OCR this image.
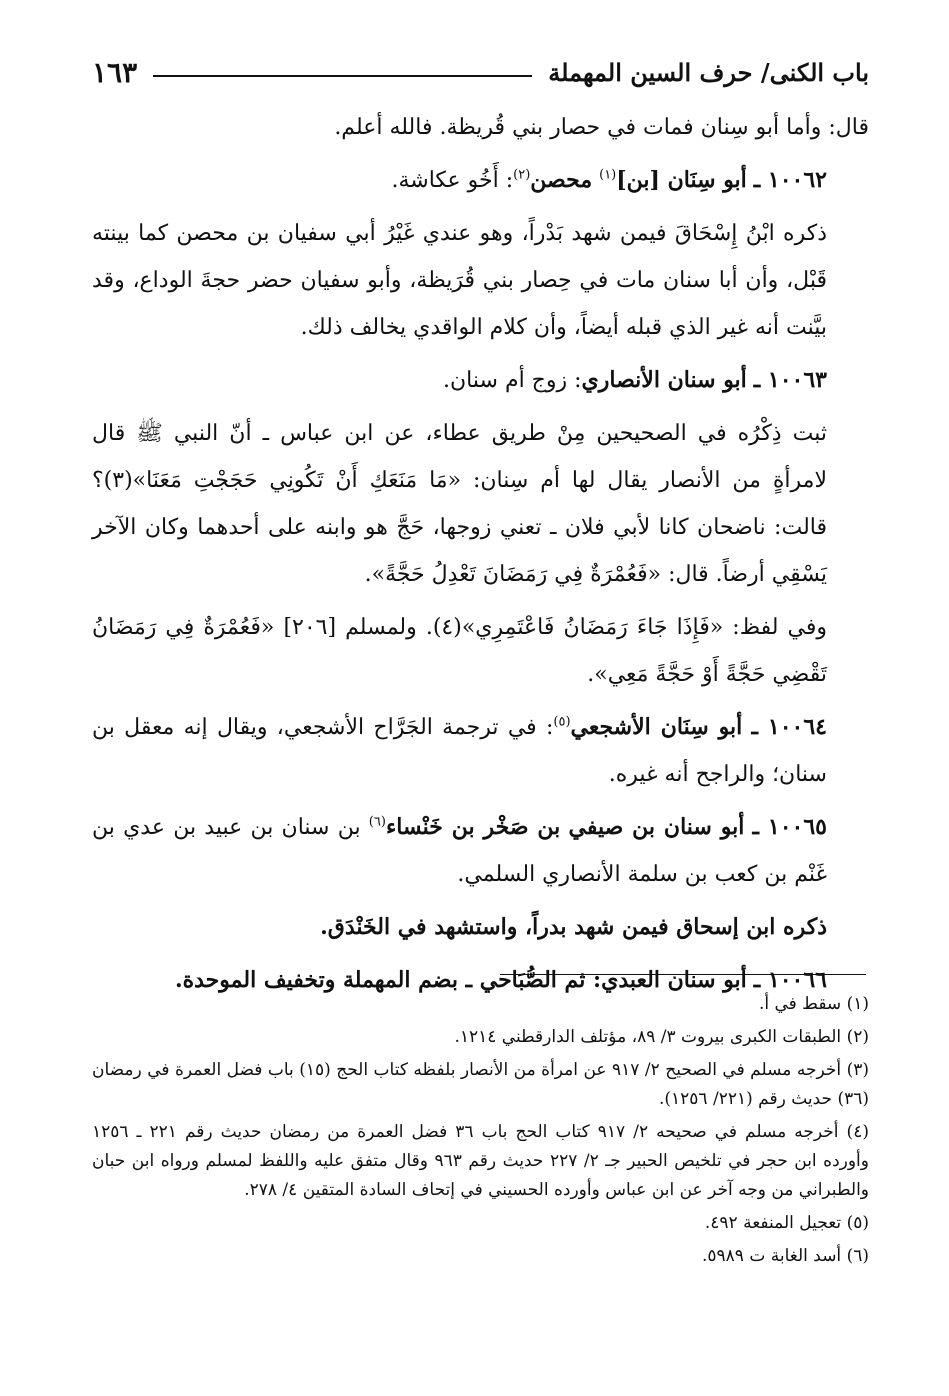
باب الكنى/ حرف السين المهملة
١٦٣

قال: وأما أبو سِنان فمات في حصار بني قُريظة. فالله أعلم.

١٠٠٦٢ ـ أبو سِنَان [بن]$^{(١)}$ محصن$^{(٢)}$: أَخُو عكاشة.

ذكره ابْنُ إِسْحَاقَ فيمن شهد بَدْراً، وهو عندي غَيْرُ أبي سفيان بن محصن كما بينته قَبْل، وأن أبا سنان مات في حِصار بني قُرَيظة، وأبو سفيان حضر حجةَ الوداع، وقد بيَّنت أنه غير الذي قبله أيضاً، وأن كلام الواقدي يخالف ذلك.

١٠٠٦٣ ـ أبو سنان الأنصاري: زوج أم سنان.

ثبت ذِكْرُه في الصحيحين مِنْ طريق عطاء، عن ابن عباس ـ أنّ النبي ﷺ قال لامرأةٍ من الأنصار يقال لها أم سِنان: «مَا مَنَعَكِ أَنْ تَكُونِي حَجَجْتِ مَعَنَا»(٣)؟ قالت: ناضحان كانا لأبي فلان ـ تعني زوجها، حَجَّ هو وابنه على أحدهما وكان الآخر يَسْقِي أرضاً. قال: «فَعُمْرَةٌ فِي رَمَضَانَ تَعْدِلُ حَجَّةً».

وفي لفظ: «فَإِذَا جَاءَ رَمَضَانُ فَاعْتَمِرِي»(٤). ولمسلم [٢٠٦] «فَعُمْرَةٌ فِي رَمَضَانُ تَقْضِي حَجَّةً أَوْ حَجَّةً مَعِي».

١٠٠٦٤ ـ أبو سِنَان الأشجعي$^{(٥)}$: في ترجمة الجَرَّاح الأشجعي، ويقال إنه معقل بن سنان؛ والراجح أنه غيره.

١٠٠٦٥ ـ أبو سنان بن صيفي بن صَخْر بن خَنْساء$^{(٦)}$ بن سنان بن عبيد بن عدي بن غَنْم بن كعب بن سلمة الأنصاري السلمي.

ذكره ابن إسحاق فيمن شهد بدراً، واستشهد في الخَنْدَق.

١٠٠٦٦ ـ أبو سنان العبدي: ثم الصُّبَاحي ـ بضم المهملة وتخفيف الموحدة.

(١) سقط في أ.

(٢) الطبقات الكبرى بيروت ٣/ ٨٩، مؤتلف الدارقطني ١٢١٤.

(٣) أخرجه مسلم في الصحيح ٢/ ٩١٧ عن امرأة من الأنصار بلفظه كتاب الحج (١٥) باب فضل العمرة في رمضان (٣٦) حديث رقم (٢٢١/ ١٢٥٦).

(٤) أخرجه مسلم في صحيحه ٢/ ٩١٧ كتاب الحج باب ٣٦ فضل العمرة من رمضان حديث رقم ٢٢١ ـ ١٢٥٦ وأورده ابن حجر في تلخيص الحبير جـ ٢/ ٢٢٧ حديث رقم ٩٦٣ وقال متفق عليه واللفظ لمسلم ورواه ابن حبان والطبراني من وجه آخر عن ابن عباس وأورده الحسيني في إتحاف السادة المتقين ٤/ ٢٧٨.

(٥) تعجيل المنفعة ٤٩٢.

(٦) أسد الغابة ت ٥٩٨٩.
